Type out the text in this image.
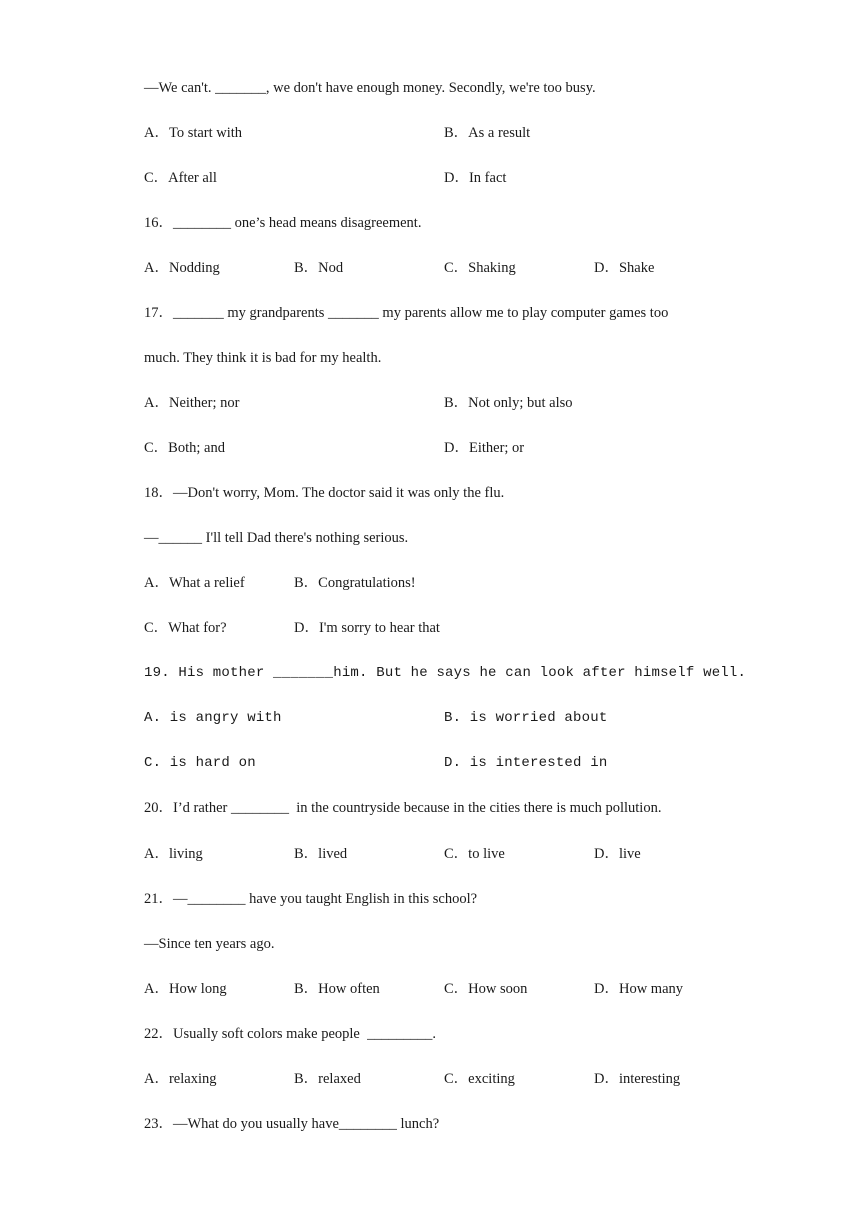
—We can't. _______, we don't have enough money. Secondly, we're too busy.
A．To start with	B．As a result
C．After all	D．In fact
16．________ one’s head means disagreement.
A．Nodding	B．Nod	C．Shaking	D．Shake
17．_______ my grandparents _______ my parents allow me to play computer games too
much. They think it is bad for my health.
A．Neither; nor	B．Not only; but also
C．Both; and	D．Either; or
18．—Don't worry, Mom. The doctor said it was only the flu.
—______ I'll tell Dad there's nothing serious.
A．What a relief	B．Congratulations!
C．What for?	D．I'm sorry to hear that
19. His mother _______him. But he says he can look after himself well.
A. is angry with	B. is worried about
C. is hard on	D. is interested in
20．I’d rather ________  in the countryside because in the cities there is much pollution.
A．living	B．lived	C．to live	D．live
21．—________ have you taught English in this school?
—Since ten years ago.
A．How long	B．How often	C．How soon	D．How many
22．Usually soft colors make people  _________.
A．relaxing	B．relaxed	C．exciting	D．interesting
23．—What do you usually have________ lunch?
